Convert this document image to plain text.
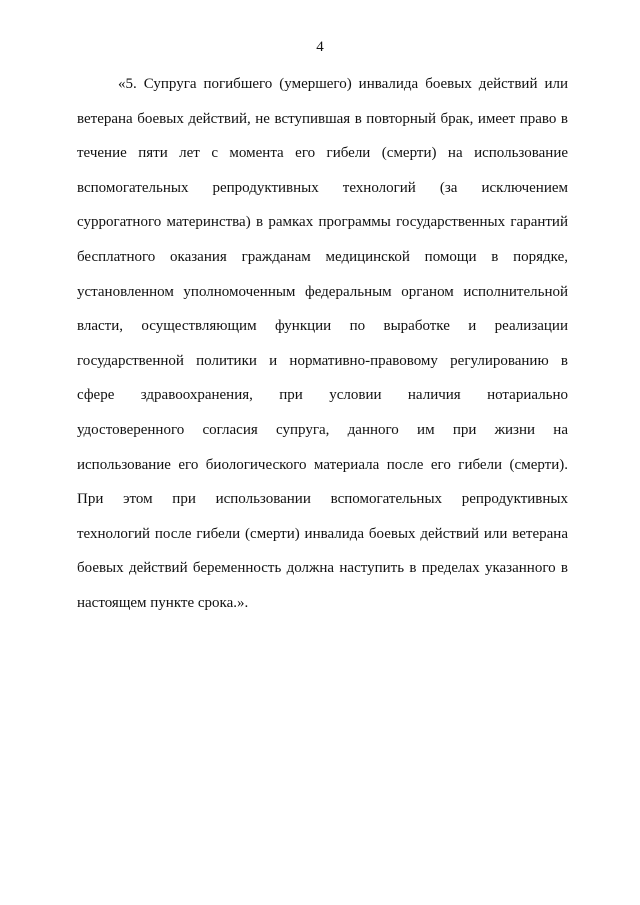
4
«5. Супруга погибшего (умершего) инвалида боевых действий или
ветерана боевых действий, не вступившая в повторный брак, имеет право в
течение пяти лет с момента его гибели (смерти) на использование
вспомогательных репродуктивных технологий (за исключением
суррогатного материнства) в рамках программы государственных гарантий
бесплатного оказания гражданам медицинской помощи в порядке,
установленном уполномоченным федеральным органом исполнительной
власти, осуществляющим функции по выработке и реализации
государственной политики и нормативно-правовому регулированию в
сфере здравоохранения, при условии наличия нотариально
удостоверенного согласия супруга, данного им при жизни на
использование его биологического материала после его гибели (смерти).
При этом при использовании вспомогательных репродуктивных
технологий после гибели (смерти) инвалида боевых действий или ветерана
боевых действий беременность должна наступить в пределах указанного в
настоящем пункте срока.».
